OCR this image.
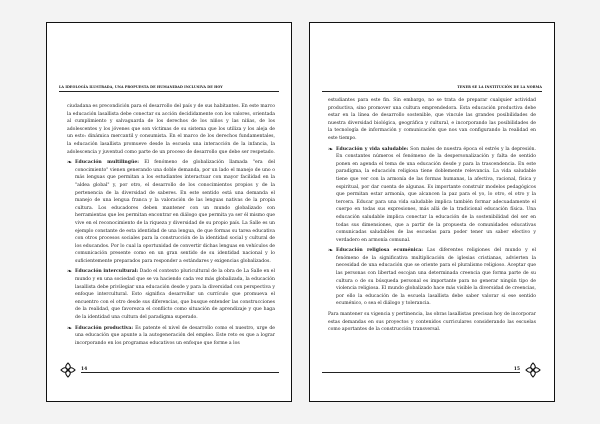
LA IDEOLOGÍA ILUSTRADA, UNA PROPUESTA DE HUMANIDAD INCLUSIVA DE HOY

ciudadana es precondición para el desarrollo del país y de sus habitantes. En este marco la educación lasallista debe conectar su acción decididamente con los valores, orientada al cumplimiento y salvaguarda de los derechos de los niños y las niñas, de los adolescentes y los jóvenes que son víctimas de su sistema que los utiliza y los aleja de un esto: dinámica mercantil y consumista. En el marco de los derechos fundamentales, la educación lasallista promueve desde la escuela una interacción de la infancia, la adolescencia y juventud como parte de un proceso de desarrollo que debe ser respetado.

❧ Educación multilingüe: El fenómeno de globalización llamada "era del conocimiento" vienen generando una doble demanda, por un lado el manejo de uno o más lenguas que permitan a los estudiantes interactuar con mayor facilidad en la "aldea global" y, por otro, el desarrollo de los conocimientos propios y de la pertenencia de la diversidad de saberes. En este sentido está una demanda el manejo de una lengua franca y la valoración de las lenguas nativas de la propia cultura. Los educadores deben mantener con un mundo globalizado con herramientas que les permitan encontrar en diálogo que permita ya ser él mismo que vive en el reconocimiento de la riqueza y diversidad de su propio país. La Salle es un ejemplo constante de esta identidad de una lengua, de que formas su tarea educativa con otros procesos sociales para la construcción de la identidad social y cultural de los educandos. Por lo cual la oportunidad de convertir dichas lenguas en vehículos de comunicación presente como en un gran sentido de su identidad nacional y lo suficientemente preparados para responder a estándares y exigencias globalizados.
❧ Educación intercultural: Dado el contexto pluricultural de la obra de La Salle en el mundo y en una sociedad que se va haciendo cada vez más globalizada, la educación lasallista debe privilegiar una educación desde y para la diversidad con perspectiva y enfoque intercultural. Esto significa desarrollar un currículo que promueva el encuentro con el otro desde sus diferencias, que busque entender las construcciones de la realidad, que favorezca el conflicto como situación de aprendizaje y que haga de la identidad una cultura del paradigma superado.
❧ Educación productiva: Es patente el nivel de desarrollo como el nuestro, urge de una educación que apunte a la autogeneración del empleo. Este reto es que a lograr incorporando en los programas educativos un enfoque que forme a los
14
TENER SE LA INSTITUCIÓN DE LA NORMA

estudiantes para este fin. Sin embargo, no se trata de preparar cualquier actividad productiva, sino promover una cultura emprendedora. Esta educación productiva debe estar en la línea de desarrollo sostenible, que vincule las grandes posibilidades de nuestra diversidad biológica, geográfica y cultural, e incorporando las posibilidades de la tecnología de información y comunicación que nos van configurando la realidad en este tiempo.

❧ Educación y vida saludable: Son males de nuestra época el estrés y la depresión. En constantes números el fenómeno de la despersonalización y falta de sentido ponen en agenda el tema de una educación desde y para la trascendencia. En este paradigma, la educación religiosa tiene doblemente relevancia. La vida saludable tiene que ver con la armonía de las formas humanas, la afectiva, racional, física y espiritual, por dar cuenta de algunas. Es importante construir modelos pedagógicos que permitan estar armonía, que alcancen la paz para el yo, lo otro, el otro y la tercera. Educar para una vida saludable implica también formar adecuadamente el cuerpo en todas sus expresiones, más allá de la tradicional educación física. Una educación saludable implica conectar la educación de la sostenibilidad del ser en todas sus dimensiones, que a partir de la propuesta de comunidades educativas comunicadas saludables de las escuelas para poder tener un saber efectivo y verdadero en armonía comunal.
❧ Educación religiosa ecuménica: Las diferentes religiones del mundo y el fenómeno de la significativa multiplicación de iglesias cristianas, advierten la necesidad de una educación que se oriente para el pluralismo religioso. Aceptar que las personas con libertad escojan una determinada creencia que forma parte de su cultura o de su búsqueda personal es importante para no generar ningún tipo de violencia religiosa. El mundo globalizado hace más visible la diversidad de creencias, por ello la educación de la escuela lasallista debe saber valorar si ese sentido ecuménico, o sea el diálogo y tolerancia.

Para mantener su vigencia y pertinencia, las obras lasallistas precisan hoy de incorporar estas demandas en sus proyectos y contenidos curriculares considerando las escuelas como aportantes de la construcción transversal.

15
